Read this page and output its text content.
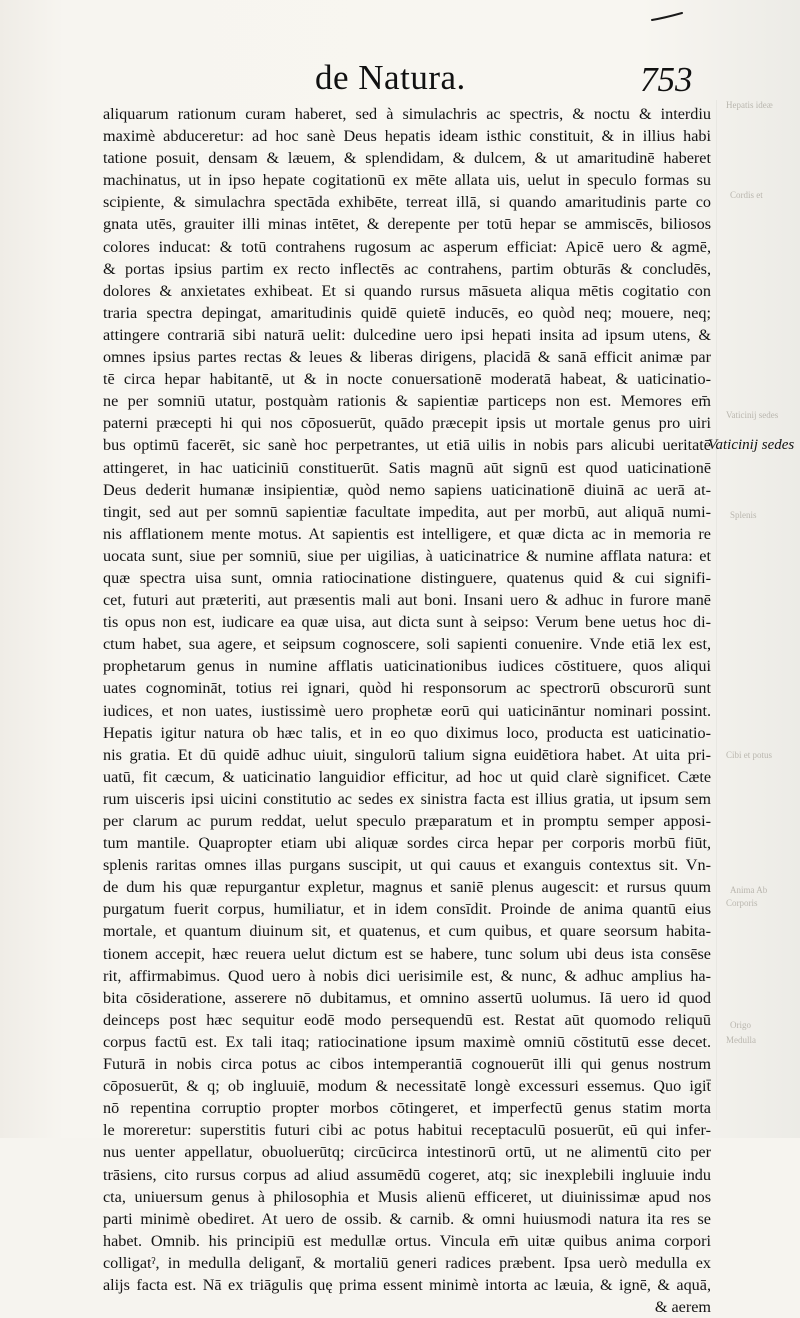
de Natura.	753
aliquarum rationum curam haberet, sed à simulachris ac spectris, & noctu & interdiu
maximè abduceretur: ad hoc sanè Deus hepatis ideam isthic constituit, & in illius habi
tatione posuit, densam & læuem, & splendidam, & dulcem, & ut amaritudinē haberet
machinatus, ut in ipso hepate cogitationū ex mēte allata uis, uelut in speculo formas su
scipiente, & simulachra spectāda exhibēte, terreat illā, si quando amaritudinis parte co
gnata utēs, grauiter illi minas intētet, & derepente per totū hepar se ammiscēs, biliosos
colores inducat: & totū contrahens rugosum ac asperum efficiat: Apicē uero & agmē,
& portas ipsius partim ex recto inflectēs ac contrahens, partim obturās & concludēs,
dolores & anxietates exhibeat. Et si quando rursus māsueta aliqua mētis cogitatio con
traria spectra depingat, amaritudinis quidē quietē inducēs, eo quòd neq; mouere, neq;
attingere contrariā sibi naturā uelit: dulcedine uero ipsi hepati insita ad ipsum utens, &
omnes ipsius partes rectas & leues & liberas dirigens, placidā & sanā efficit animæ par
tē circa hepar habitantē, ut & in nocte conuersationē moderatā habeat, & uaticinatio-
ne per somniū utatur, postquàm rationis & sapientiæ particeps non est. Memores em̄
paterni præcepti hi qui nos cōposuerūt, quādo præcepit ipsis ut mortale genus pro uiri
bus optimū facerēt, sic sanè hoc perpetrantes, ut etiā uilis in nobis pars alicubi ueritatē
attingeret, in hac uaticiniū constituerūt. Satis magnū aūt signū est quod uaticinationē
Deus dederit humanæ insipientiæ, quòd nemo sapiens uaticinationē diuinā ac uerā at-
tingit, sed aut per somnū sapientiæ facultate impedita, aut per morbū, aut aliquā numi-
nis afflationem mente motus. At sapientis est intelligere, et quæ dicta ac in memoria re
uocata sunt, siue per somniū, siue per uigilias, à uaticinatrice & numine afflata natura: et
quæ spectra uisa sunt, omnia ratiocinatione distinguere, quatenus quid & cui signifi-
cet, futuri aut præteriti, aut præsentis mali aut boni. Insani uero & adhuc in furore manē
tis opus non est, iudicare ea quæ uisa, aut dicta sunt à seipso: Verum bene uetus hoc di-
ctum habet, sua agere, et seipsum cognoscere, soli sapienti conuenire. Vnde etiā lex est,
prophetarum genus in numine afflatis uaticinationibus iudices cōstituere, quos aliqui
uates cognomināt, totius rei ignari, quòd hi responsorum ac spectrorū obscurorū sunt
iudices, et non uates, iustissimè uero prophetæ eorū qui uaticināntur nominari possint.
Hepatis igitur natura ob hæc talis, et in eo quo diximus loco, producta est uaticinatio-
nis gratia. Et dū quidē adhuc uiuit, singulorū talium signa euidētiora habet. At uita pri-
uatū, fit cæcum, & uaticinatio languidior efficitur, ad hoc ut quid clarè significet. Cæte
rum uisceris ipsi uicini constitutio ac sedes ex sinistra facta est illius gratia, ut ipsum sem
per clarum ac purum reddat, uelut speculo præparatum et in promptu semper apposi-
tum mantile. Quapropter etiam ubi aliquæ sordes circa hepar per corporis morbū fiūt,
splenis raritas omnes illas purgans suscipit, ut qui cauus et exanguis contextus sit. Vn-
de dum his quæ repurgantur expletur, magnus et saniē plenus augescit: et rursus quum
purgatum fuerit corpus, humiliatur, et in idem consīdit. Proinde de anima quantū eius
mortale, et quantum diuinum sit, et quatenus, et cum quibus, et quare seorsum habita-
tionem accepit, hæc reuera uelut dictum est se habere, tunc solum ubi deus ista consēse
rit, affirmabimus. Quod uero à nobis dici uerisimile est, & nunc, & adhuc amplius ha-
bita cōsideratione, asserere nō dubitamus, et omnino assertū uolumus. Iā uero id quod
deinceps post hæc sequitur eodē modo persequendū est. Restat aūt quomodo reliquū
corpus factū est. Ex tali itaq; ratiocinatione ipsum maximè omniū cōstitutū esse decet.
Futurā in nobis circa potus ac cibos intemperantiā cognouerūt illi qui genus nostrum
cōposuerūt, & q; ob ingluuiē, modum & necessitatē longè excessuri essemus. Quo igit̄
nō repentina corruptio propter morbos cōtingeret, et imperfectū genus statim morta
le moreretur: superstitis futuri cibi ac potus habitui receptaculū posuerūt, eū qui infer-
nus uenter appellatur, obuoluerūtq; circūcirca intestinorū ortū, ut ne alimentū cito per
trāsiens, cito rursus corpus ad aliud assumēdū cogeret, atq; sic inexplebili ingluuie indu
cta, uniuersum genus à philosophia et Musis alienū efficeret, ut diuinissimæ apud nos
parti minimè obediret. At uero de ossib. & carnib. & omni huiusmodi natura ita res se
habet. Omnib. his principiū est medullæ ortus. Vincula em̄ uitæ quibus anima corpori
colligatˀ, in medulla deligant̄, & mortaliū generi radices præbent. Ipsa uerò medulla ex
alijs facta est. Nā ex triāgulis quę prima essent minimè intorta ac læuia, & ignē, & aquā,
& aerem
Vaticinij sedes
Hepatis ideæ
Cordis et
Vaticinij sedes
Splenis
Cibi et potus
Anima Ab
Corporis
Origo
Medulla
